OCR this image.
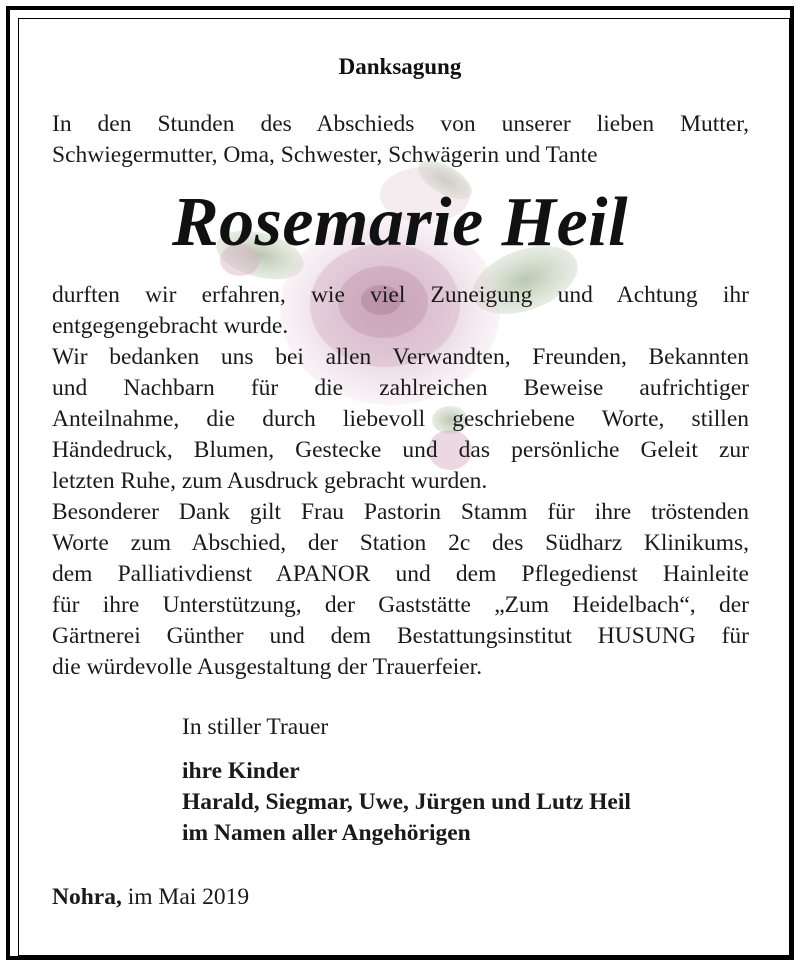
Danksagung
In den Stunden des Abschieds von unserer lieben Mutter,
Schwiegermutter, Oma, Schwester, Schwägerin und Tante
Rosemarie Heil
durften wir erfahren, wie viel Zuneigung und Achtung ihr
entgegengebracht wurde.
Wir bedanken uns bei allen Verwandten, Freunden, Bekannten
und Nachbarn für die zahlreichen Beweise aufrichtiger
Anteilnahme, die durch liebevoll geschriebene Worte, stillen
Händedruck, Blumen, Gestecke und das persönliche Geleit zur
letzten Ruhe, zum Ausdruck gebracht wurden.
Besonderer Dank gilt Frau Pastorin Stamm für ihre tröstenden
Worte zum Abschied, der Station 2c des Südharz Klinikums,
dem Palliativdienst APANOR und dem Pflegedienst Hainleite
für ihre Unterstützung, der Gaststätte „Zum Heidelbach“, der
Gärtnerei Günther und dem Bestattungsinstitut HUSUNG für
die würdevolle Ausgestaltung der Trauerfeier.
In stiller Trauer
ihre Kinder
Harald, Siegmar, Uwe, Jürgen und Lutz Heil
im Namen aller Angehörigen
Nohra, im Mai 2019
